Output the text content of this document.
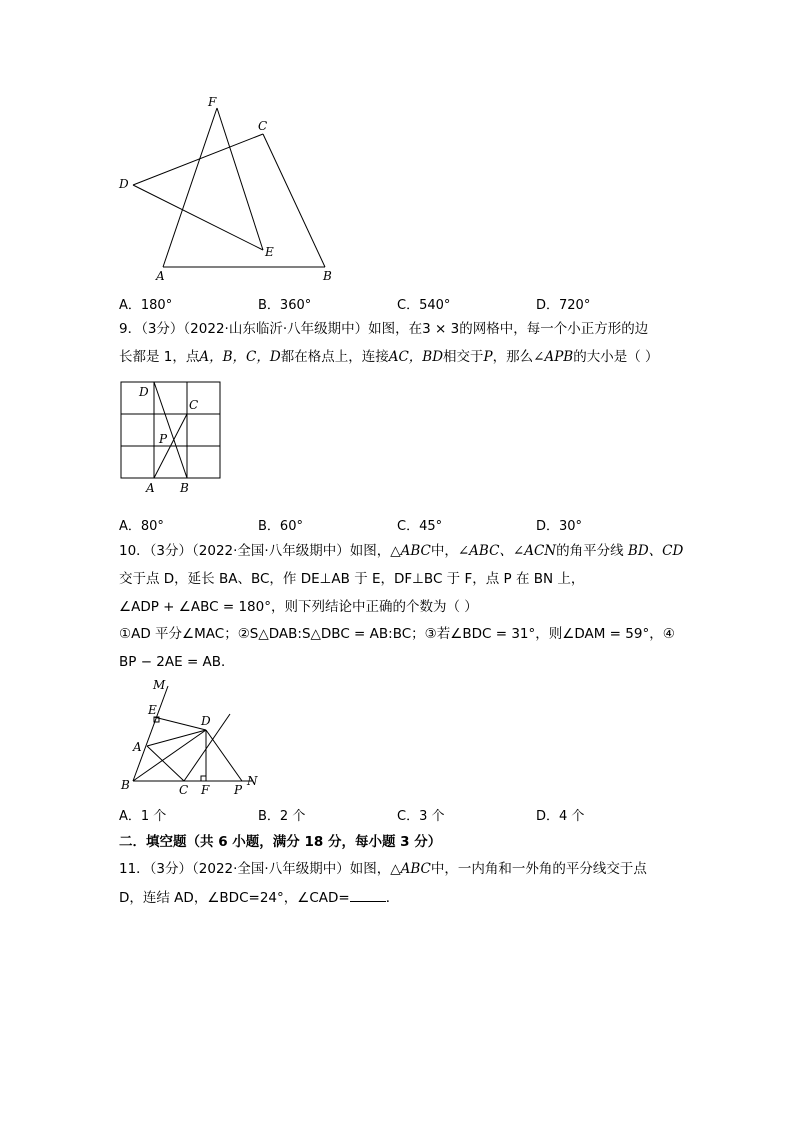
F
C
D
E
A	B
A．180°	B．360°	C．540°	D．720°
9．（3分）（2022·山东临沂·八年级期中）如图，在3 × 3的网格中，每一个小正方形的边
长都是 1，点A，B，C，D都在格点上，连接AC，BD相交于P，那么∠APB的大小是（ ）
D
C
P
A B
A．80°	B．60°	C．45°	D．30°
10．（3分）（2022·全国·八年级期中）如图，△ABC中，∠ABC、∠ACN的角平分线 BD、CD
交于点 D，延长 BA、BC，作 DE⊥AB 于 E，DF⊥BC 于 F，点 P 在 BN 上，
∠ADP + ∠ABC = 180°，则下列结论中正确的个数为（ ）
①AD 平分∠MAC；②S△DAB:S△DBC = AB:BC；③若∠BDC = 31°，则∠DAM = 59°，④
BP − 2AE = AB．
M
E
D
A
B	C F P
N
A．1 个	B．2 个	C．3 个	D．4 个
二．填空题（共 6 小题，满分 18 分，每小题 3 分）
11．（3分）（2022·全国·八年级期中）如图，△ABC中，一内角和一外角的平分线交于点
D，连结 AD，∠BDC=24°，∠CAD=	．
